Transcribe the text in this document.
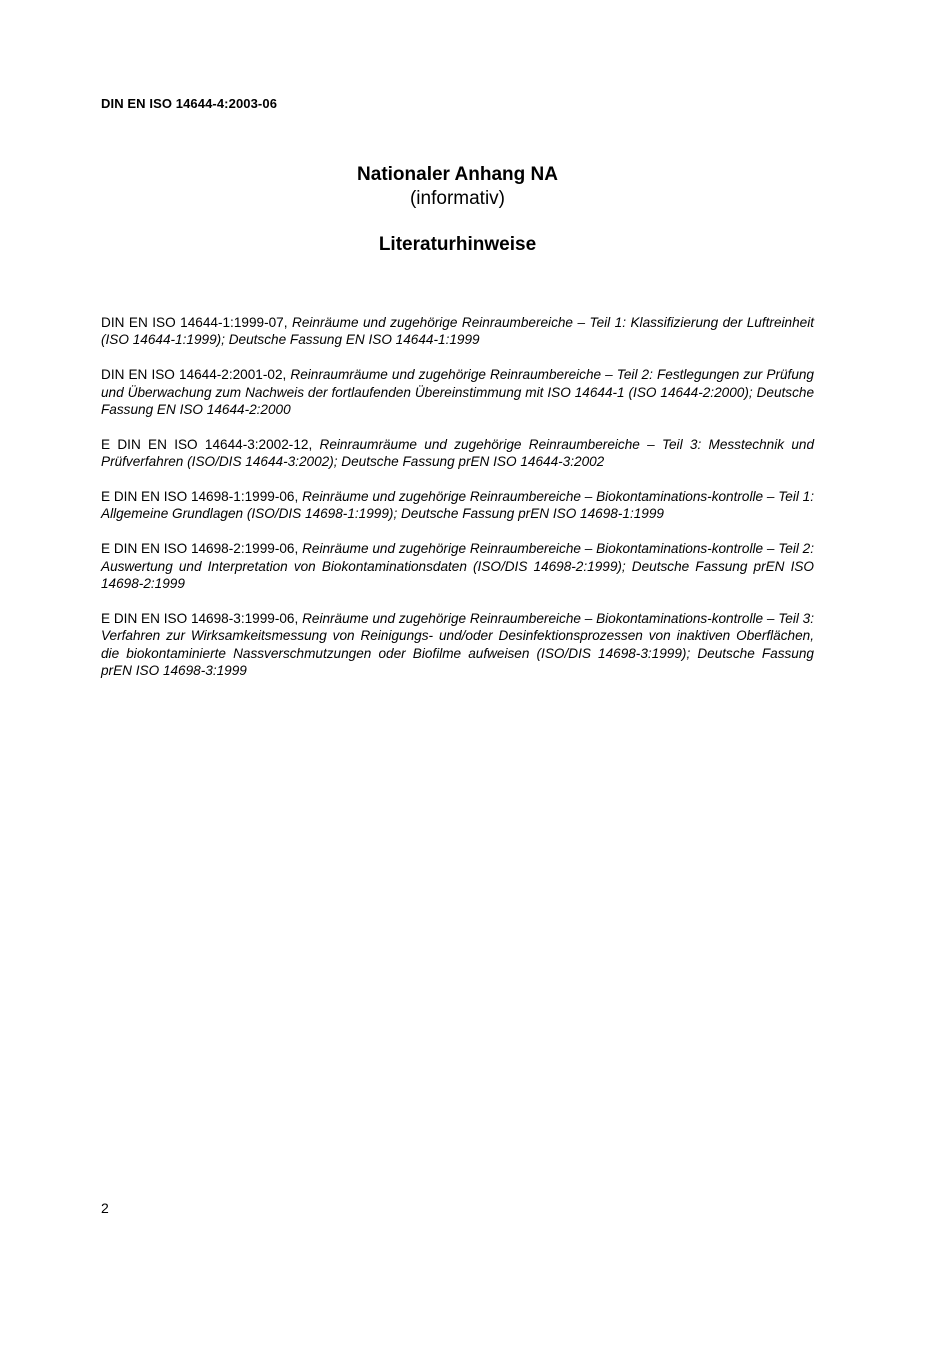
DIN EN ISO 14644-4:2003-06
Nationaler Anhang NA
(informativ)
Literaturhinweise
DIN EN ISO 14644-1:1999-07, Reinräume und zugehörige Reinraumbereiche – Teil 1: Klassifizierung der Luftreinheit (ISO 14644-1:1999); Deutsche Fassung EN ISO 14644-1:1999
DIN EN ISO 14644-2:2001-02, Reinraumräume und zugehörige Reinraumbereiche – Teil 2: Festlegungen zur Prüfung und Überwachung zum Nachweis der fortlaufenden Übereinstimmung mit ISO 14644-1 (ISO 14644-2:2000); Deutsche Fassung EN ISO 14644-2:2000
E DIN EN ISO 14644-3:2002-12, Reinraumräume und zugehörige Reinraumbereiche – Teil 3: Messtechnik und Prüfverfahren (ISO/DIS 14644-3:2002); Deutsche Fassung prEN ISO 14644-3:2002
E DIN EN ISO 14698-1:1999-06, Reinräume und zugehörige Reinraumbereiche – Biokontaminations-kontrolle – Teil 1: Allgemeine Grundlagen (ISO/DIS 14698-1:1999); Deutsche Fassung prEN ISO 14698-1:1999
E DIN EN ISO 14698-2:1999-06, Reinräume und zugehörige Reinraumbereiche – Biokontaminations-kontrolle – Teil 2: Auswertung und Interpretation von Biokontaminationsdaten (ISO/DIS 14698-2:1999); Deutsche Fassung prEN ISO 14698-2:1999
E DIN EN ISO 14698-3:1999-06, Reinräume und zugehörige Reinraumbereiche – Biokontaminations-kontrolle – Teil 3: Verfahren zur Wirksamkeitsmessung von Reinigungs- und/oder Desinfektionsprozessen von inaktiven Oberflächen, die biokontaminierte Nassverschmutzungen oder Biofilme aufweisen (ISO/DIS 14698-3:1999); Deutsche Fassung prEN ISO 14698-3:1999
2
